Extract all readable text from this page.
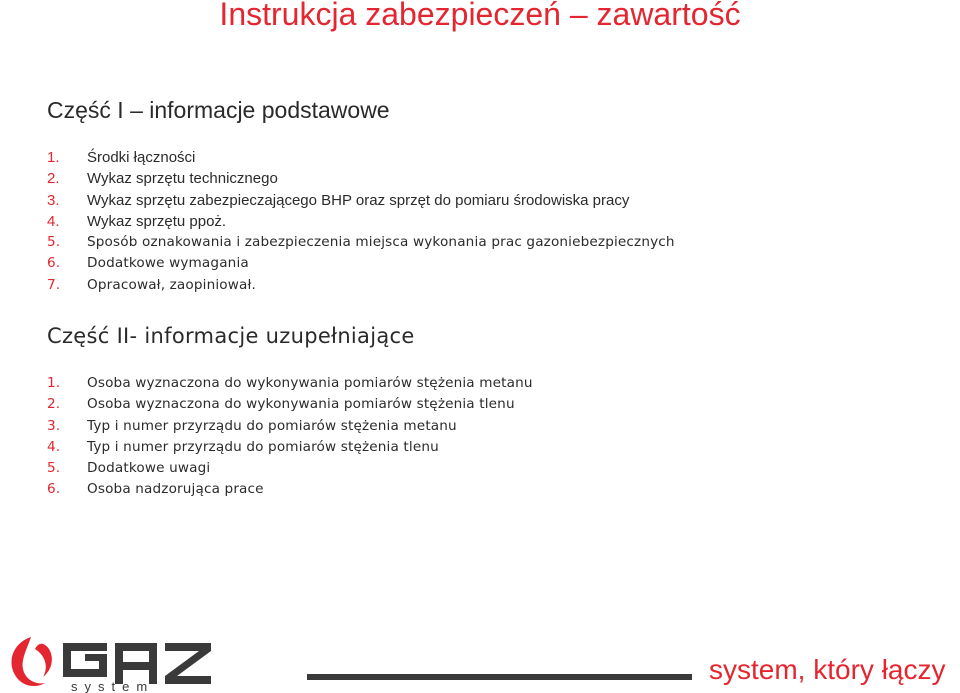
Instrukcja zabezpieczeń – zawartość
Część I – informacje podstawowe
1.	Środki łączności
2.	Wykaz sprzętu technicznego
3.	Wykaz sprzętu zabezpieczającego BHP oraz sprzęt do pomiaru środowiska pracy
4.	Wykaz sprzętu ppoż.
5.	Sposób oznakowania i zabezpieczenia miejsca wykonania prac gazoniebezpiecznych
6.	Dodatkowe wymagania
7.	Opracował, zaopiniował.
Część II- informacje uzupełniające
1.	Osoba wyznaczona do wykonywania pomiarów stężenia metanu
2.	Osoba wyznaczona do wykonywania pomiarów stężenia tlenu
3.	Typ i numer przyrządu do pomiarów stężenia metanu
4.	Typ i numer przyrządu do pomiarów stężenia tlenu
5.	Dodatkowe uwagi
6.	Osoba nadzorująca prace
system
system, który łączy
